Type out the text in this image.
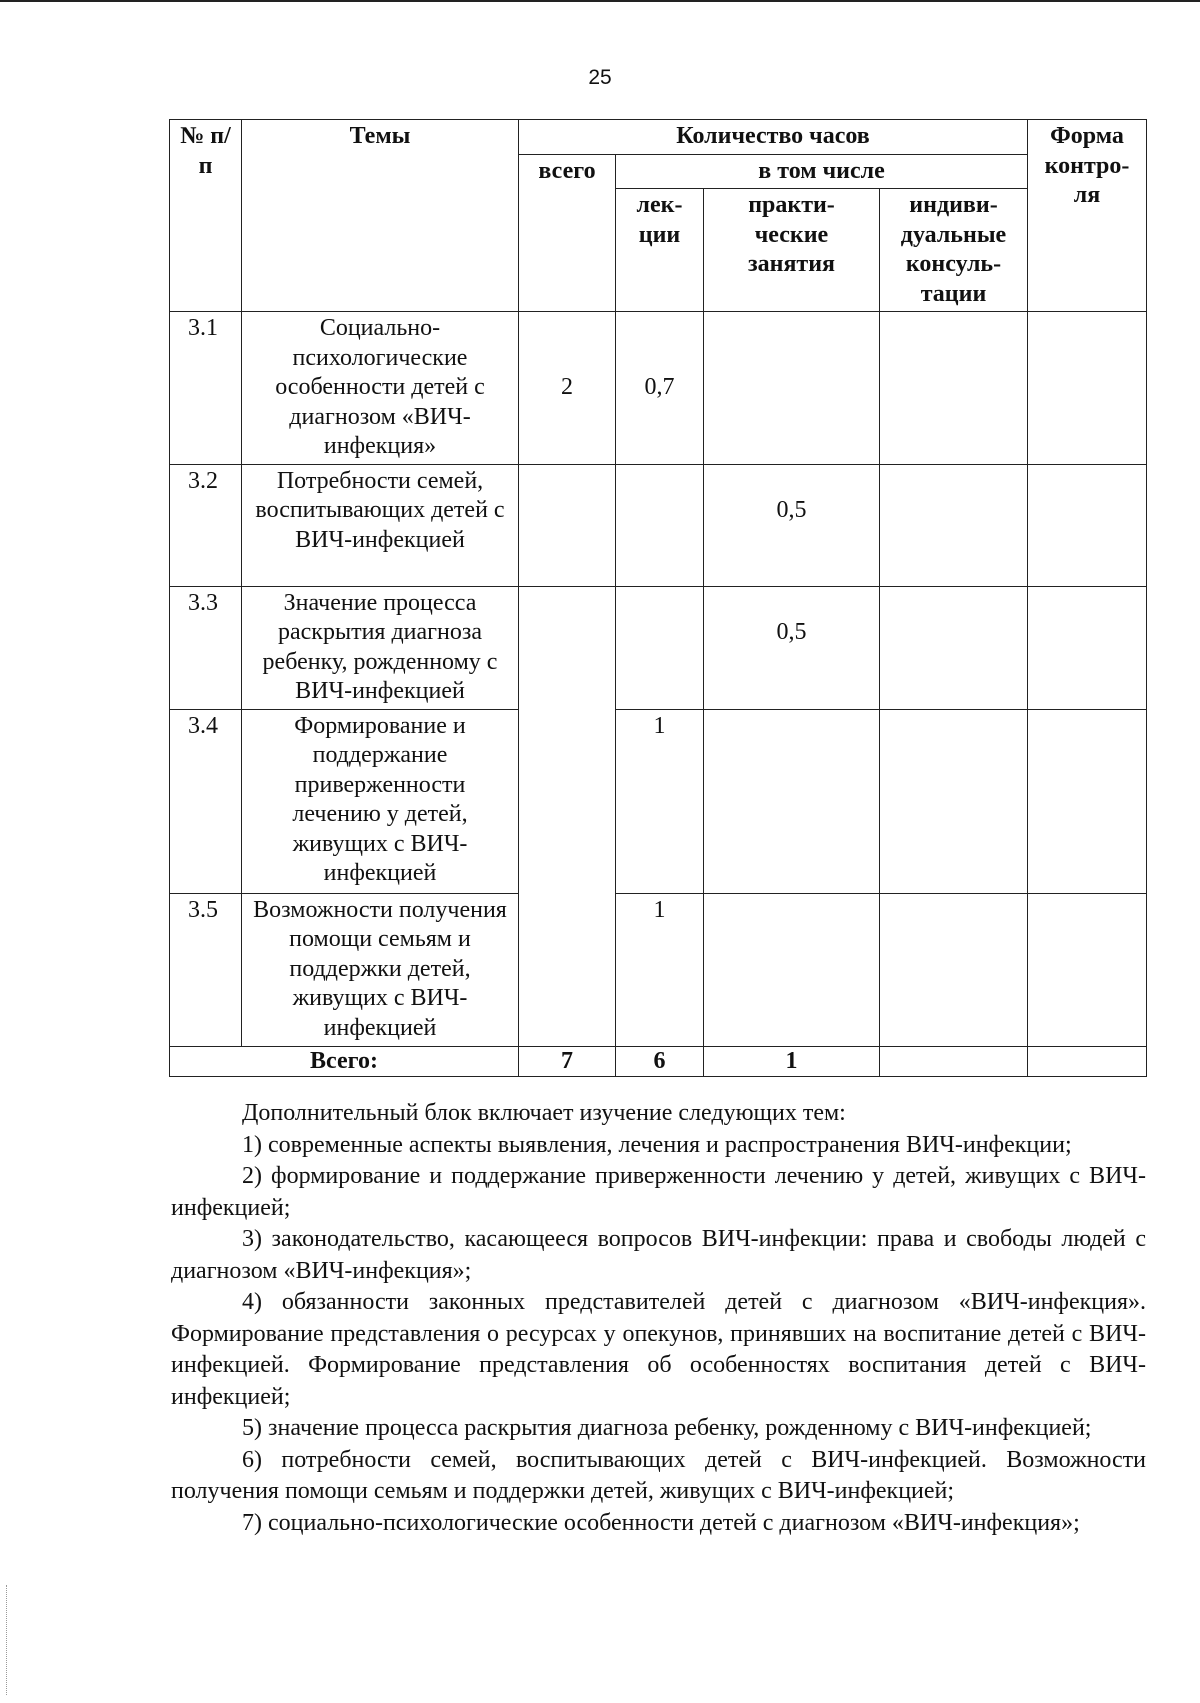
25
№ п/п	Темы	Количество часов				Форма контро-ля
		всего	в том числе			
			лек-ции	практи-ческие занятия	индиви-дуальные консуль-тации	
3.1	Социально-психологические особенности детей с диагнозом «ВИЧ-инфекция»	2	0,7			
3.2	Потребности семей, воспитывающих детей с ВИЧ-инфекцией			0,5		
3.3	Значение процесса раскрытия диагноза ребенку, рожденному с ВИЧ-инфекцией			0,5		
3.4	Формирование и поддержание приверженности лечению у детей, живущих с ВИЧ-инфекцией		1			
3.5	Возможности получения помощи семьям и поддержки детей, живущих с ВИЧ-инфекцией		1			
Всего:		7	6	1		

Дополнительный блок включает изучение следующих тем:

1) современные аспекты выявления, лечения и распространения ВИЧ-инфекции;

2) формирование и поддержание приверженности лечению у детей, живущих с ВИЧ-инфекцией;

3) законодательство, касающееся вопросов ВИЧ-инфекции: права и свободы людей с диагнозом «ВИЧ-инфекция»;

4) обязанности законных представителей детей с диагнозом «ВИЧ-инфекция». Формирование представления о ресурсах у опекунов, принявших на воспитание детей с ВИЧ-инфекцией. Формирование представления об особенностях воспитания детей с ВИЧ-инфекцией;

5) значение процесса раскрытия диагноза ребенку, рожденному с ВИЧ-инфекцией;

6) потребности семей, воспитывающих детей с ВИЧ-инфекцией. Возможности получения помощи семьям и поддержки детей, живущих с ВИЧ-инфекцией;

7) социально-психологические особенности детей с диагнозом «ВИЧ-инфекция»;
